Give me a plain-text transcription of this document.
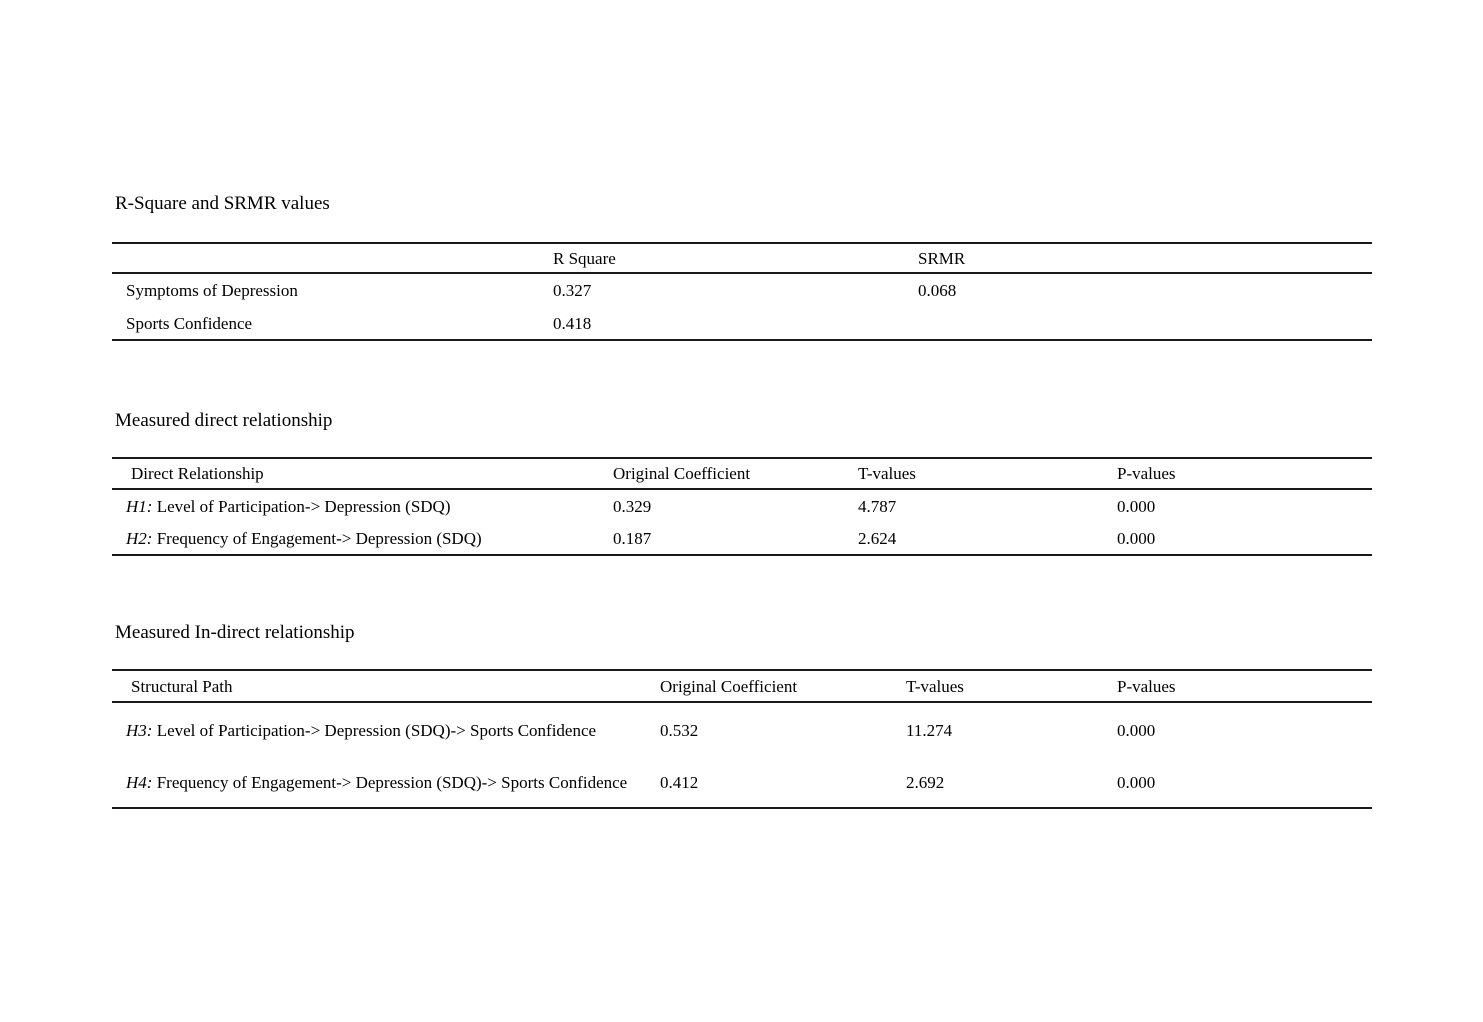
R-Square and SRMR values
	R Square	SRMR
Symptoms of Depression	0.327	0.068
Sports Confidence	0.418	
Measured direct relationship
Direct Relationship	Original Coefficient	T-values	P-values
H1: Level of Participation-> Depression (SDQ)	0.329	4.787	0.000
H2: Frequency of Engagement-> Depression (SDQ)	0.187	2.624	0.000
Measured In-direct relationship
Structural Path	Original Coefficient	T-values	P-values
H3: Level of Participation-> Depression (SDQ)-> Sports Confidence	0.532	11.274	0.000
H4: Frequency of Engagement-> Depression (SDQ)-> Sports Confidence	0.412	2.692	0.000
